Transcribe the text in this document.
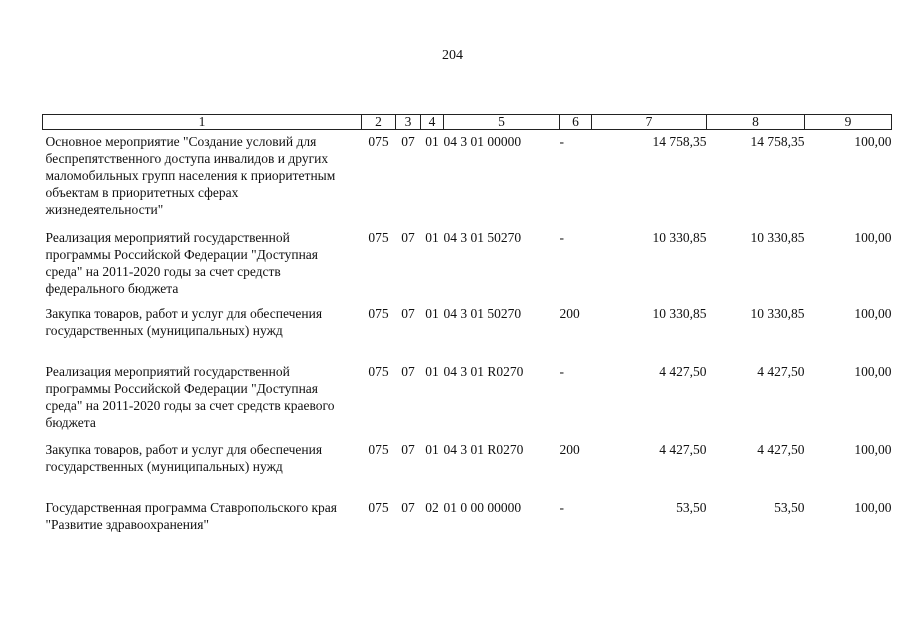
204
1	2	3	4	5	6	7	8	9
Основное мероприятие "Создание условий для беспрепятственного доступа инвалидов и других маломобильных групп населения к приоритетным объектам в приоритетных сферах жизнедеятельности"	075	07	01	04 3 01 00000	-	14 758,35	14 758,35	100,00
Реализация мероприятий государственной программы Российской Федерации "Доступная среда" на 2011-2020 годы за счет средств федерального бюджета	075	07	01	04 3 01 50270	-	10 330,85	10 330,85	100,00
Закупка товаров, работ и услуг для обеспечения государственных (муниципальных) нужд	075	07	01	04 3 01 50270	200	10 330,85	10 330,85	100,00
Реализация мероприятий государственной программы Российской Федерации "Доступная среда" на 2011-2020 годы за счет средств краевого бюджета	075	07	01	04 3 01 R0270	-	4 427,50	4 427,50	100,00
Закупка товаров, работ и услуг для обеспечения государственных (муниципальных) нужд	075	07	01	04 3 01 R0270	200	4 427,50	4 427,50	100,00
Государственная программа Ставропольского края "Развитие здравоохранения"	075	07	02	01 0 00 00000	-	53,50	53,50	100,00
